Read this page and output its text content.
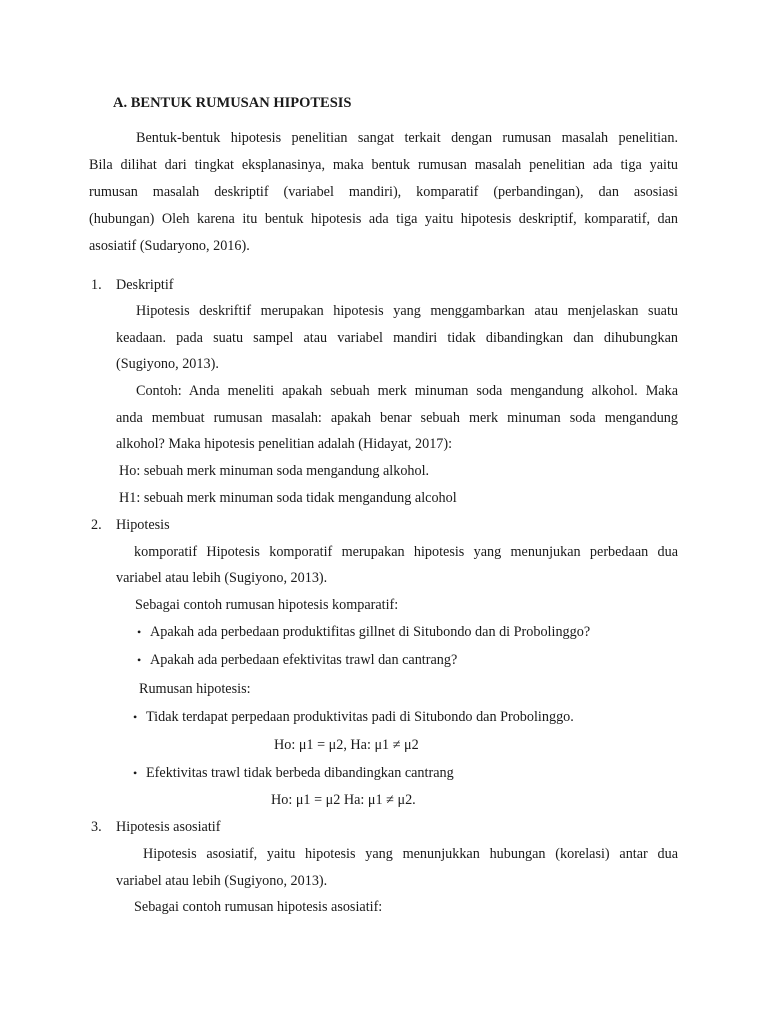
A. BENTUK RUMUSAN HIPOTESIS
Bentuk-bentuk hipotesis penelitian sangat terkait dengan rumusan masalah penelitian.
Bila dilihat dari tingkat eksplanasinya, maka bentuk rumusan masalah penelitian ada tiga yaitu
rumusan masalah deskriptif (variabel mandiri), komparatif (perbandingan), dan asosiasi
(hubungan) Oleh karena itu bentuk hipotesis ada tiga yaitu hipotesis deskriptif, komparatif, dan
asosiatif (Sudaryono, 2016).
1. Deskriptif
Hipotesis deskriftif merupakan hipotesis yang menggambarkan atau menjelaskan suatu
keadaan. pada suatu sampel atau variabel mandiri tidak dibandingkan dan dihubungkan
(Sugiyono, 2013).
Contoh: Anda meneliti apakah sebuah merk minuman soda mengandung alkohol. Maka
anda membuat rumusan masalah: apakah benar sebuah merk minuman soda mengandung
alkohol? Maka hipotesis penelitian adalah (Hidayat, 2017):
Ho: sebuah merk minuman soda mengandung alkohol.
H1: sebuah merk minuman soda tidak mengandung alcohol
2. Hipotesis
komporatif Hipotesis komporatif merupakan hipotesis yang menunjukan perbedaan dua
variabel atau lebih (Sugiyono, 2013).
Sebagai contoh rumusan hipotesis komparatif:
• Apakah ada perbedaan produktifitas gillnet di Situbondo dan di Probolinggo?
• Apakah ada perbedaan efektivitas trawl dan cantrang?
Rumusan hipotesis:
• Tidak terdapat perpedaan produktivitas padi di Situbondo dan Probolinggo.
Ho: μ1 = μ2, Ha: μ1 ≠ μ2
• Efektivitas trawl tidak berbeda dibandingkan cantrang
Ho: μ1 = μ2 Ha: μ1 ≠ μ2.
3. Hipotesis asosiatif
Hipotesis asosiatif, yaitu hipotesis yang menunjukkan hubungan (korelasi) antar dua
variabel atau lebih (Sugiyono, 2013).
Sebagai contoh rumusan hipotesis asosiatif:
